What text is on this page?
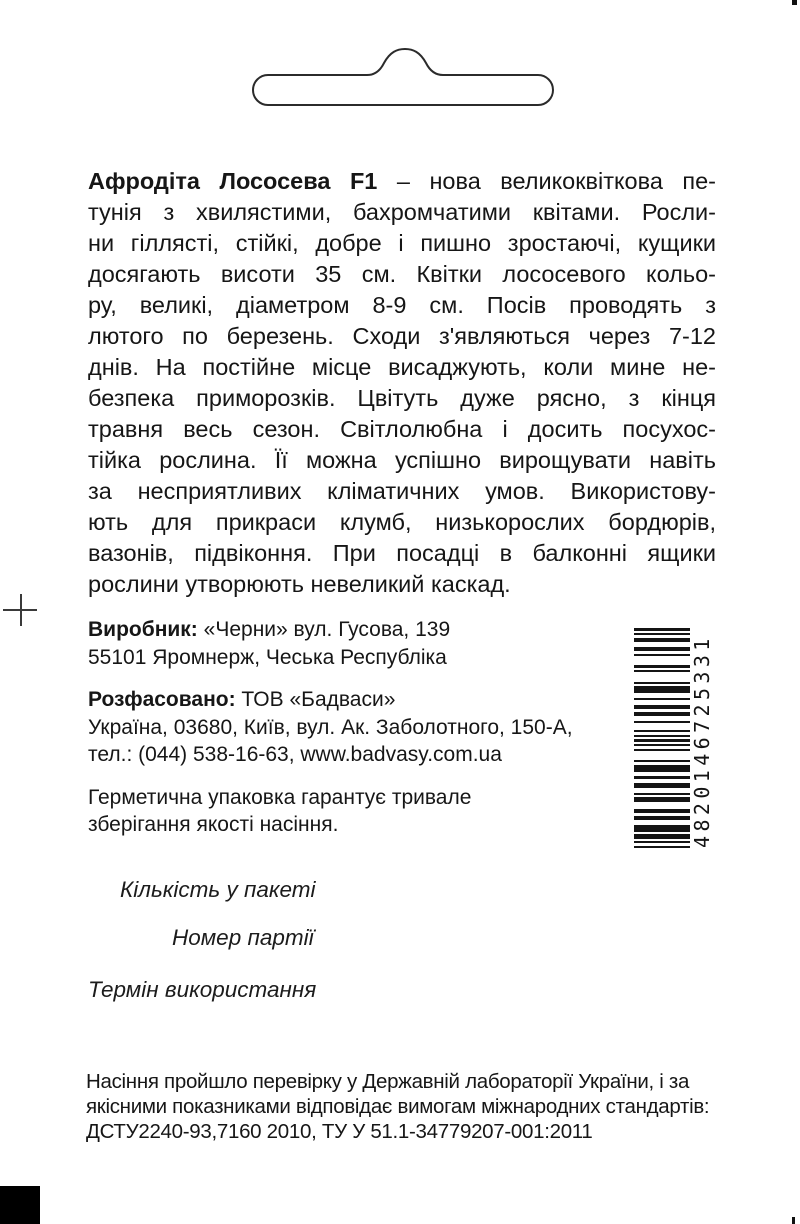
Афродіта Лососева F1 – нова великоквіткова пе-
тунія з хвилястими, бахромчатими квітами. Росли-
ни гіллясті, стійкі, добре і пишно зростаючі, кущики
досягають висоти 35 см. Квітки лососевого кольо-
ру, великі, діаметром 8-9 см. Посів проводять з
лютого по березень. Сходи з'являються через 7-12
днів. На постійне місце висаджують, коли мине не-
безпека приморозків. Цвітуть дуже рясно, з кінця
травня весь сезон. Світлолюбна і досить посухос-
тійка рослина. Її можна успішно вирощувати навіть
за несприятливих кліматичних умов. Використову-
ють для прикраси клумб, низькорослих бордюрів,
вазонів, підвіконня. При посадці в балконні ящики
рослини утворюють невеликий каскад.
Виробник: «Черни» вул. Гусова, 139
55101 Яромнерж, Чеська Республіка
Розфасовано: ТОВ «Бадваси»
Україна, 03680, Київ, вул. Ак. Заболотного, 150-А,
тел.: (044) 538-16-63, www.badvasy.com.ua
Герметична упаковка гарантує тривале
зберігання якості насіння.	4820146725331
Кількість у пакеті
Номер партії
Термін використання
Насіння пройшло перевірку у Державній лабораторії України, і за
якісними показниками відповідає вимогам міжнародних стандартів:
ДСТУ2240-93,7160 2010, ТУ У 51.1-34779207-001:2011
